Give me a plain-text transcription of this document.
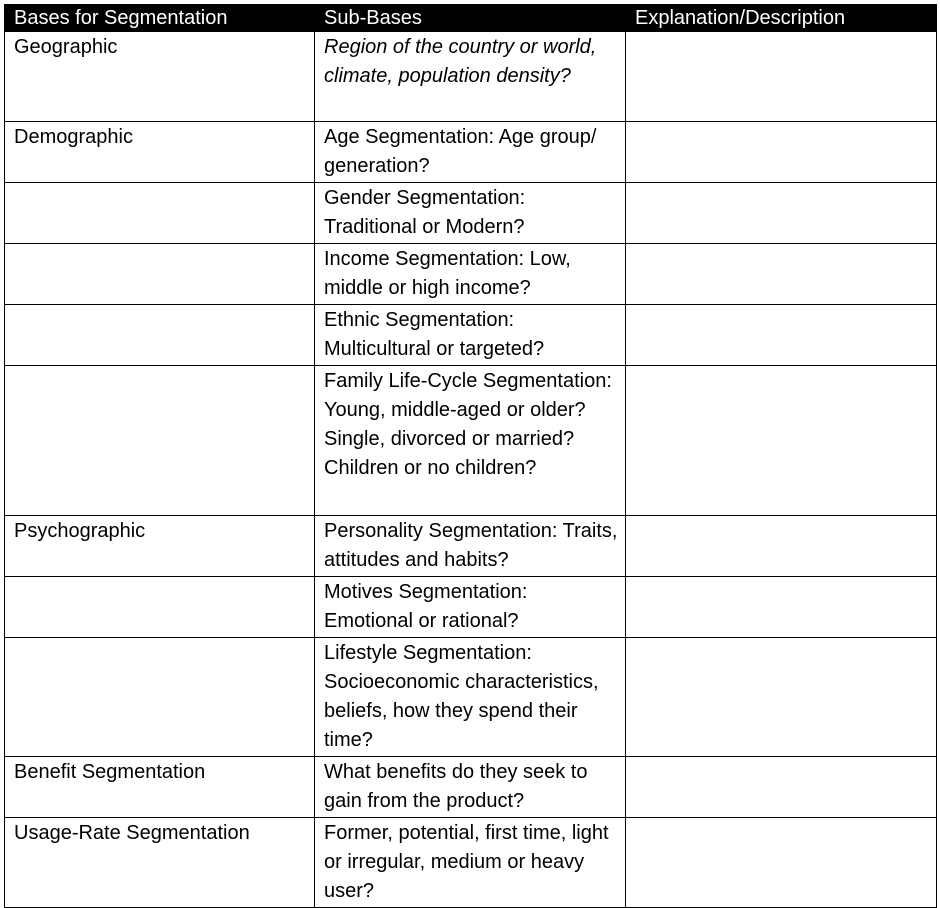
Bases for Segmentation	Sub-Bases	Explanation/Description
Geographic	Region of the country or world, climate, population density?	
Demographic	Age Segmentation: Age group/ generation?	
	Gender Segmentation: Traditional or Modern?	
	Income Segmentation: Low, middle or high income?	
	Ethnic Segmentation: Multicultural or targeted?	
	Family Life-Cycle Segmentation: Young, middle-aged or older? Single, divorced or married? Children or no children?	
Psychographic	Personality Segmentation: Traits, attitudes and habits?	
	Motives Segmentation: Emotional or rational?	
	Lifestyle Segmentation: Socioeconomic characteristics, beliefs, how they spend their time?	
Benefit Segmentation	What benefits do they seek to gain from the product?	
Usage-Rate Segmentation	Former, potential, first time, light or irregular, medium or heavy user?	
